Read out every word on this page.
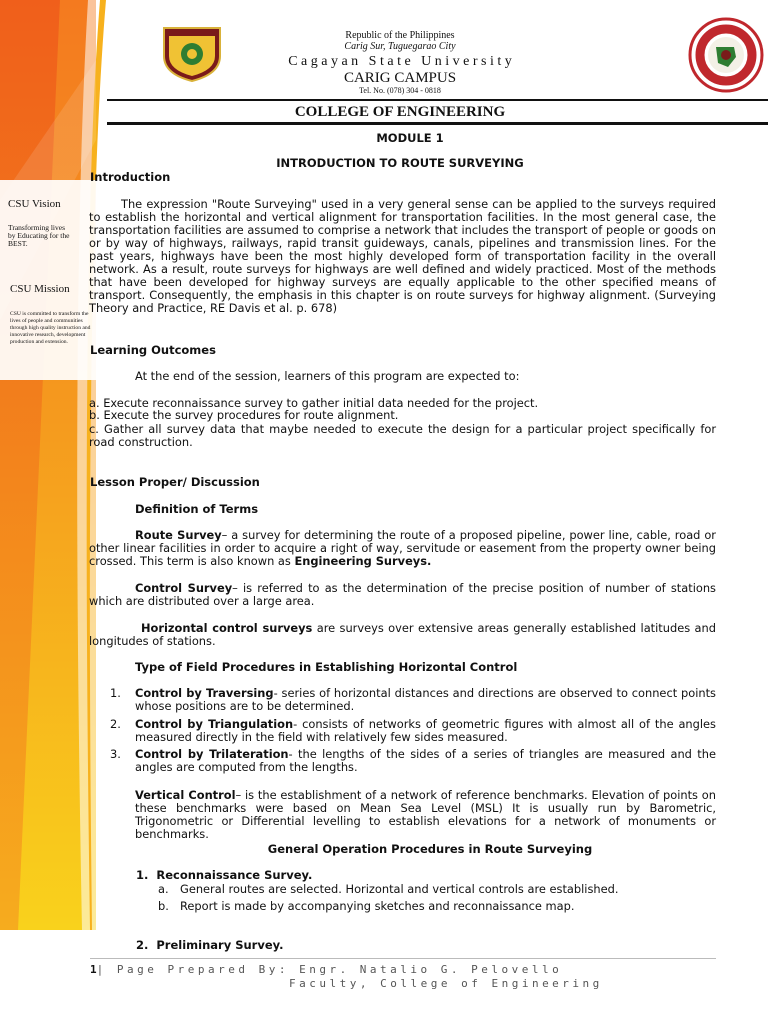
CSU Vision
Transforming lives by Educating for the BEST.
CSU Mission
CSU is committed to transform the lives of people and communities through high quality instruction and innovative research, development production and extension.
Republic of the Philippines
Carig Sur, Tuguegarao City
C a g a y a n   S t a t e   U n i v e r s i t y
CARIG CAMPUS
Tel. No. (078) 304 - 0818
COLLEGE OF ENGINEERING
MODULE 1
INTRODUCTION TO ROUTE SURVEYING
Introduction
The expression "Route Surveying" used in a very general sense can be applied to the surveys required to establish the horizontal and vertical alignment for transportation facilities. In the most general case, the transportation facilities are assumed to comprise a network that includes the transport of people or goods on or by way of highways, railways, rapid transit guideways, canals, pipelines and transmission lines. For the past years, highways have been the most highly developed form of transportation facility in the overall network. As a result, route surveys for highways are well defined and widely practiced. Most of the methods that have been developed for highway surveys are equally applicable to the other specified means of transport. Consequently, the emphasis in this chapter is on route surveys for highway alignment. (Surveying Theory and Practice, RE Davis et al. p. 678)
Learning Outcomes
At the end of the session, learners of this program are expected to:
a. Execute reconnaissance survey to gather initial data needed for the project.
b. Execute the survey procedures for route alignment.
c. Gather all survey data that maybe needed to execute the design for a particular project specifically for road construction.
Lesson Proper/ Discussion
Definition of Terms
Route Survey– a survey for determining the route of a proposed pipeline, power line, cable, road or other linear facilities in order to acquire a right of way, servitude or easement from the property owner being crossed. This term is also known as Engineering Surveys.
Control Survey– is referred to as the determination of the precise position of number of stations which are distributed over a large area.
Horizontal control surveys are surveys over extensive areas generally established latitudes and longitudes of stations.
Type of Field Procedures in Establishing Horizontal Control
1. Control by Traversing- series of horizontal distances and directions are observed to connect points whose positions are to be determined.
2. Control by Triangulation- consists of networks of geometric figures with almost all of the angles measured directly in the field with relatively few sides measured.
3. Control by Trilateration- the lengths of the sides of a series of triangles are measured and the angles are computed from the lengths.
Vertical Control– is the establishment of a network of reference benchmarks. Elevation of points on these benchmarks were based on Mean Sea Level (MSL) It is usually run by Barometric, Trigonometric or Differential levelling to establish elevations for a network of monuments or benchmarks.
General Operation Procedures in Route Surveying
1.  Reconnaissance Survey.
a. General routes are selected. Horizontal and vertical controls are established.
b. Report is made by accompanying sketches and reconnaissance map.
2.  Preliminary Survey.
1| Page Prepared By: Engr. Natalio G. Pelovello
Faculty, College of Engineering
